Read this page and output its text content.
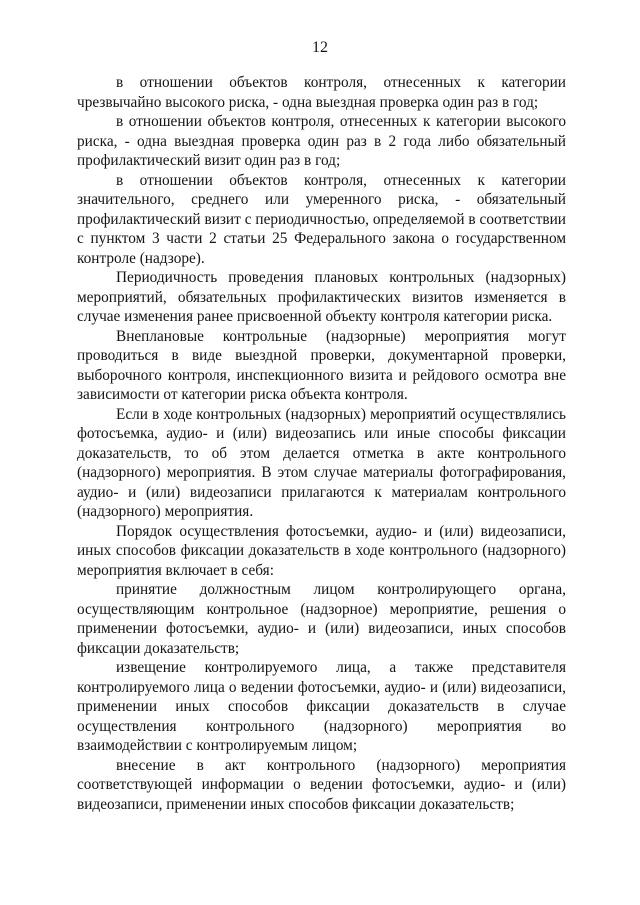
12

в отношении объектов контроля, отнесенных к категории чрезвычайно высокого риска, - одна выездная проверка один раз в год;

в отношении объектов контроля, отнесенных к категории высокого риска, - одна выездная проверка один раз в 2 года либо обязательный профилактический визит один раз в год;

в отношении объектов контроля, отнесенных к категории значительного, среднего или умеренного риска, - обязательный профилактический визит с периодичностью, определяемой в соответствии с пунктом 3 части 2 статьи 25 Федерального закона о государственном контроле (надзоре).

Периодичность проведения плановых контрольных (надзорных) мероприятий, обязательных профилактических визитов изменяется в случае изменения ранее присвоенной объекту контроля категории риска.

Внеплановые контрольные (надзорные) мероприятия могут проводиться в виде выездной проверки, документарной проверки, выборочного контроля, инспекционного визита и рейдового осмотра вне зависимости от категории риска объекта контроля.

Если в ходе контрольных (надзорных) мероприятий осуществлялись фотосъемка, аудио- и (или) видеозапись или иные способы фиксации доказательств, то об этом делается отметка в акте контрольного (надзорного) мероприятия. В этом случае материалы фотографирования, аудио- и (или) видеозаписи прилагаются к материалам контрольного (надзорного) мероприятия.

Порядок осуществления фотосъемки, аудио- и (или) видеозаписи, иных способов фиксации доказательств в ходе контрольного (надзорного) мероприятия включает в себя:

принятие должностным лицом контролирующего органа, осуществляющим контрольное (надзорное) мероприятие, решения о применении фотосъемки, аудио- и (или) видеозаписи, иных способов фиксации доказательств;

извещение контролируемого лица, а также представителя контролируемого лица о ведении фотосъемки, аудио- и (или) видеозаписи, применении иных способов фиксации доказательств в случае осуществления контрольного (надзорного) мероприятия во взаимодействии с контролируемым лицом;

внесение в акт контрольного (надзорного) мероприятия соответствующей информации о ведении фотосъемки, аудио- и (или) видеозаписи, применении иных способов фиксации доказательств;
